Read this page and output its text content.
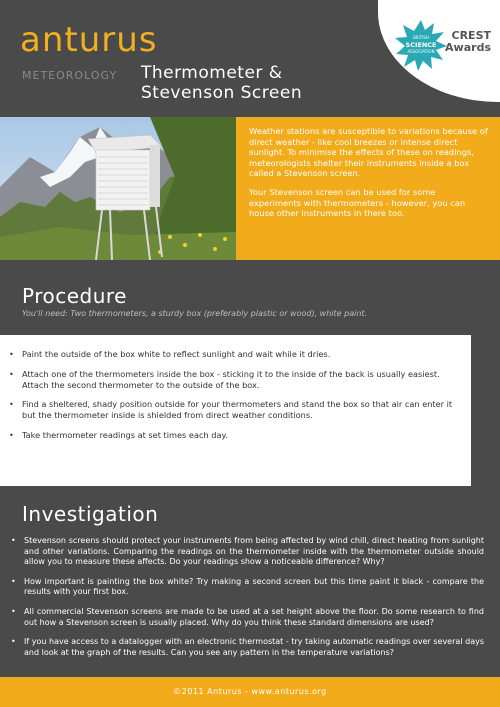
anturus
METEOROLOGY Thermometer &
Stevenson Screen
BRITISH
SCIENCE
ASSOCIATION
CREST
Awards

Weather stations are susceptible to variations because of direct weather - like cool breezes or intense direct sunlight. To minimise the effects of these on readings, meteorologists shelter their instruments inside a box called a Stevenson screen.

Your Stevenson screen can be used for some experiments with thermometers - however, you can house other instruments in there too.

Procedure
You'll need: Two thermometers, a sturdy box (preferably plastic or wood), white paint.
• Paint the outside of the box white to reflect sunlight and wait while it dries.
• Attach one of the thermometers inside the box - sticking it to the inside of the back is usually easiest. Attach the second thermometer to the outside of the box.
• Find a sheltered, shady position outside for your thermometers and stand the box so that air can enter it but the thermometer inside is shielded from direct weather conditions.
• Take thermometer readings at set times each day.
Investigation
• Stevenson screens should protect your instruments from being affected by wind chill, direct heating from sunlight and other variations. Comparing the readings on the thermometer inside with the thermometer outside should allow you to measure these affects. Do your readings show a noticeable difference? Why?
• How important is painting the box white? Try making a second screen but this time paint it black - compare the results with your first box.
• All commercial Stevenson screens are made to be used at a set height above the floor. Do some research to find out how a Stevenson screen is usually placed. Why do you think these standard dimensions are used?
• If you have access to a datalogger with an electronic thermostat - try taking automatic readings over several days and look at the graph of the results. Can you see any pattern in the temperature variations?
©2011 Anturus - www.anturus.org
